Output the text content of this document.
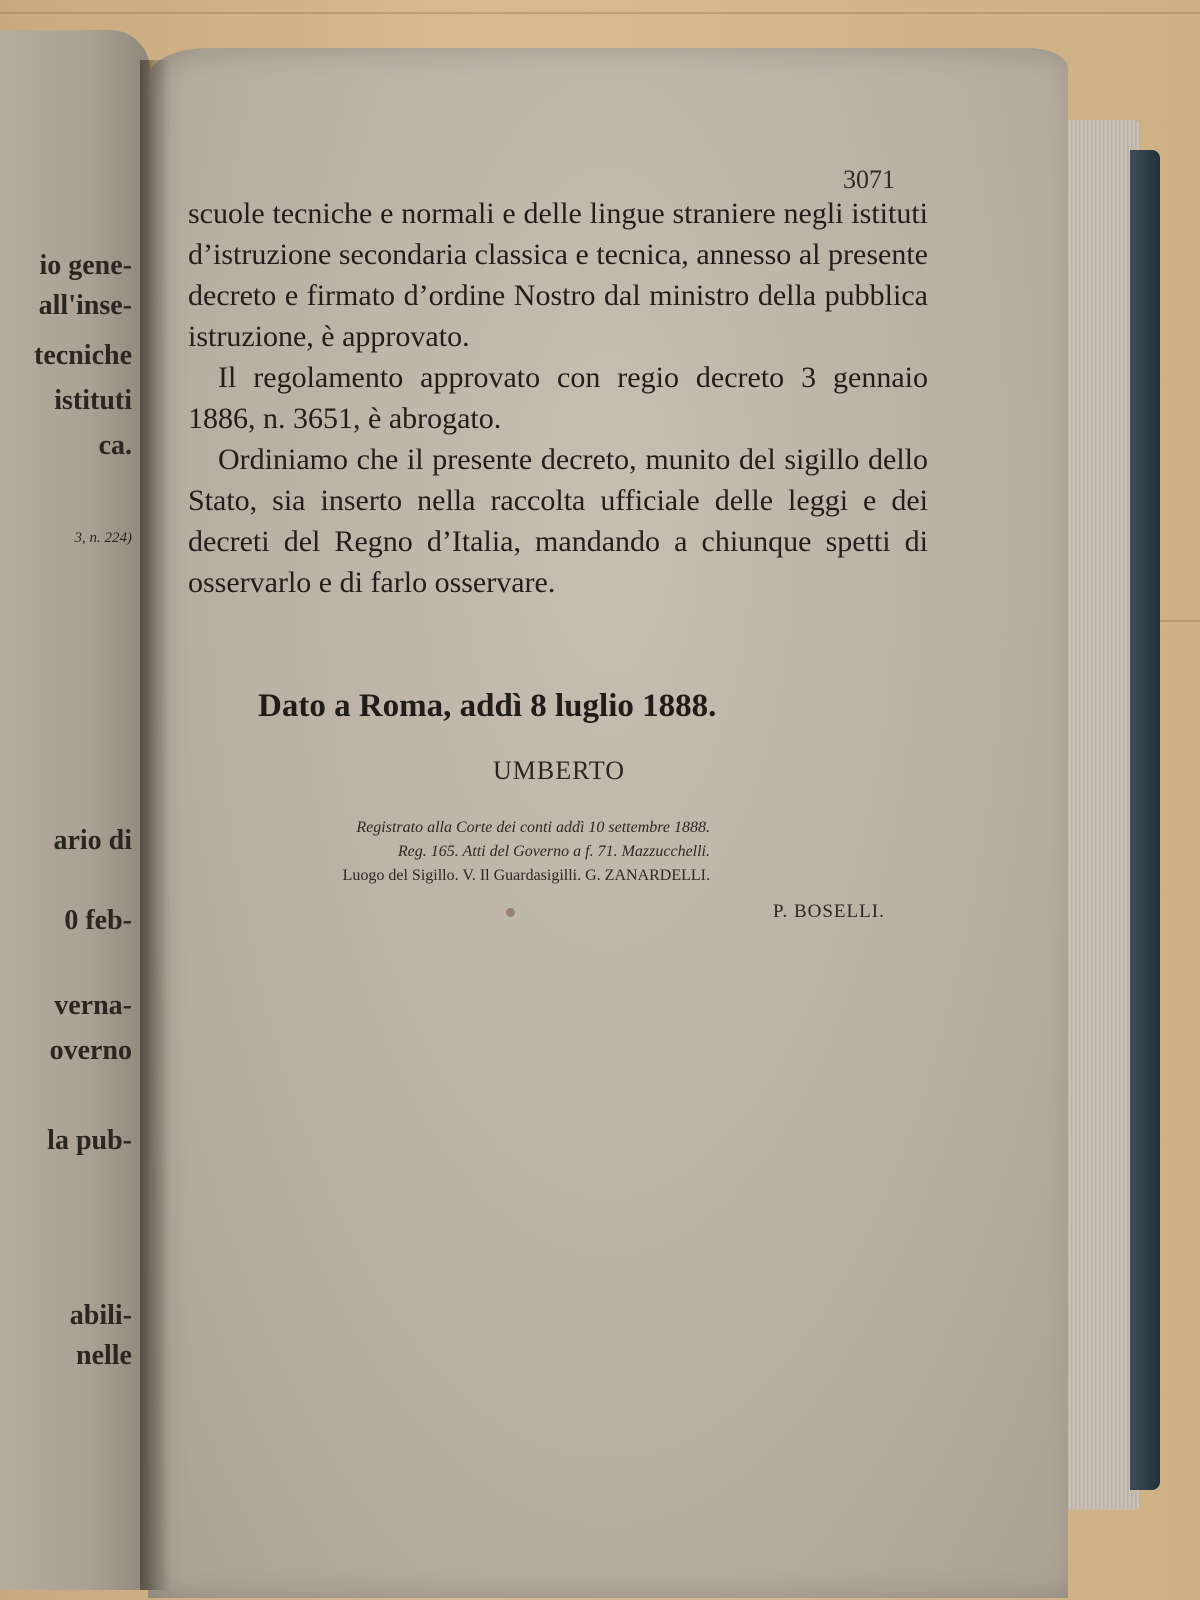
io gene-
all'inse-
tecniche
istituti
ca.
3, n. 224)
ario di
0 feb-
verna-
overno
la pub-
abili-
nelle
3071

scuole tecniche e normali e delle lingue straniere negli istituti d’istruzione secondaria classica e tecnica, annesso al presente decreto e firmato d’ordine Nostro dal ministro della pubblica istruzione, è approvato.

Il regolamento approvato con regio decreto 3 gennaio 1886, n. 3651, è abrogato.

Ordiniamo che il presente decreto, munito del sigillo dello Stato, sia inserto nella raccolta ufficiale delle leggi e dei decreti del Regno d’Italia, mandando a chiunque spetti di osservarlo e di farlo osservare.

Dato a Roma, addì 8 luglio 1888.
UMBERTO
Registrato alla Corte dei conti addì 10 settembre 1888.
Reg. 165. Atti del Governo a f. 71. Mazzucchelli.
Luogo del Sigillo. V. Il Guardasigilli. G. ZANARDELLI.
P. BOSELLI.
